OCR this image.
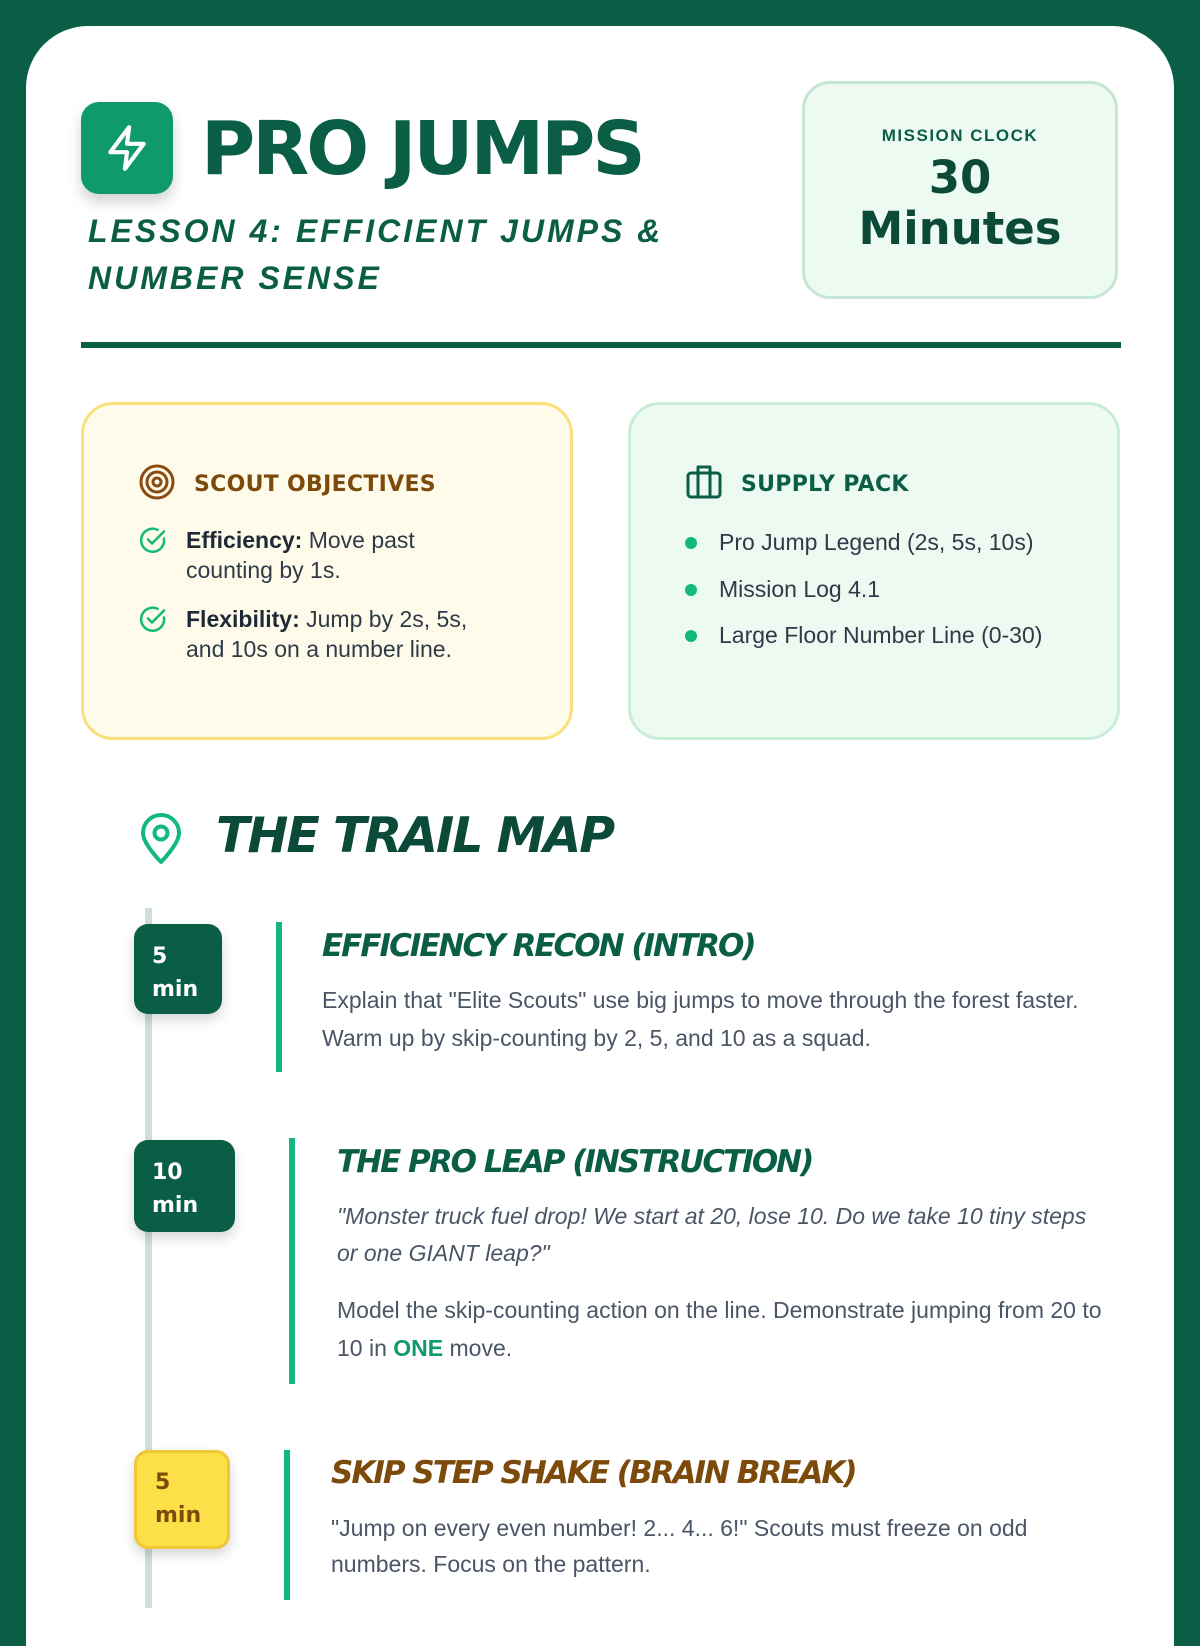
PRO JUMPS
LESSON 4: EFFICIENT JUMPS & NUMBER SENSE
MISSION CLOCK
30 Minutes
SCOUT OBJECTIVES
Efficiency: Move past counting by 1s.
Flexibility: Jump by 2s, 5s, and 10s on a number line.
SUPPLY PACK
Pro Jump Legend (2s, 5s, 10s)
Mission Log 4.1
Large Floor Number Line (0-30)
THE TRAIL MAP
5
min
EFFICIENCY RECON (INTRO)
Explain that "Elite Scouts" use big jumps to move through the forest faster. Warm up by skip-counting by 2, 5, and 10 as a squad.
10
min
THE PRO LEAP (INSTRUCTION)
"Monster truck fuel drop! We start at 20, lose 10. Do we take 10 tiny steps or one GIANT leap?"
Model the skip-counting action on the line. Demonstrate jumping from 20 to 10 in ONE move.
5
min
SKIP STEP SHAKE (BRAIN BREAK)
"Jump on every even number! 2... 4... 6!" Scouts must freeze on odd numbers. Focus on the pattern.
